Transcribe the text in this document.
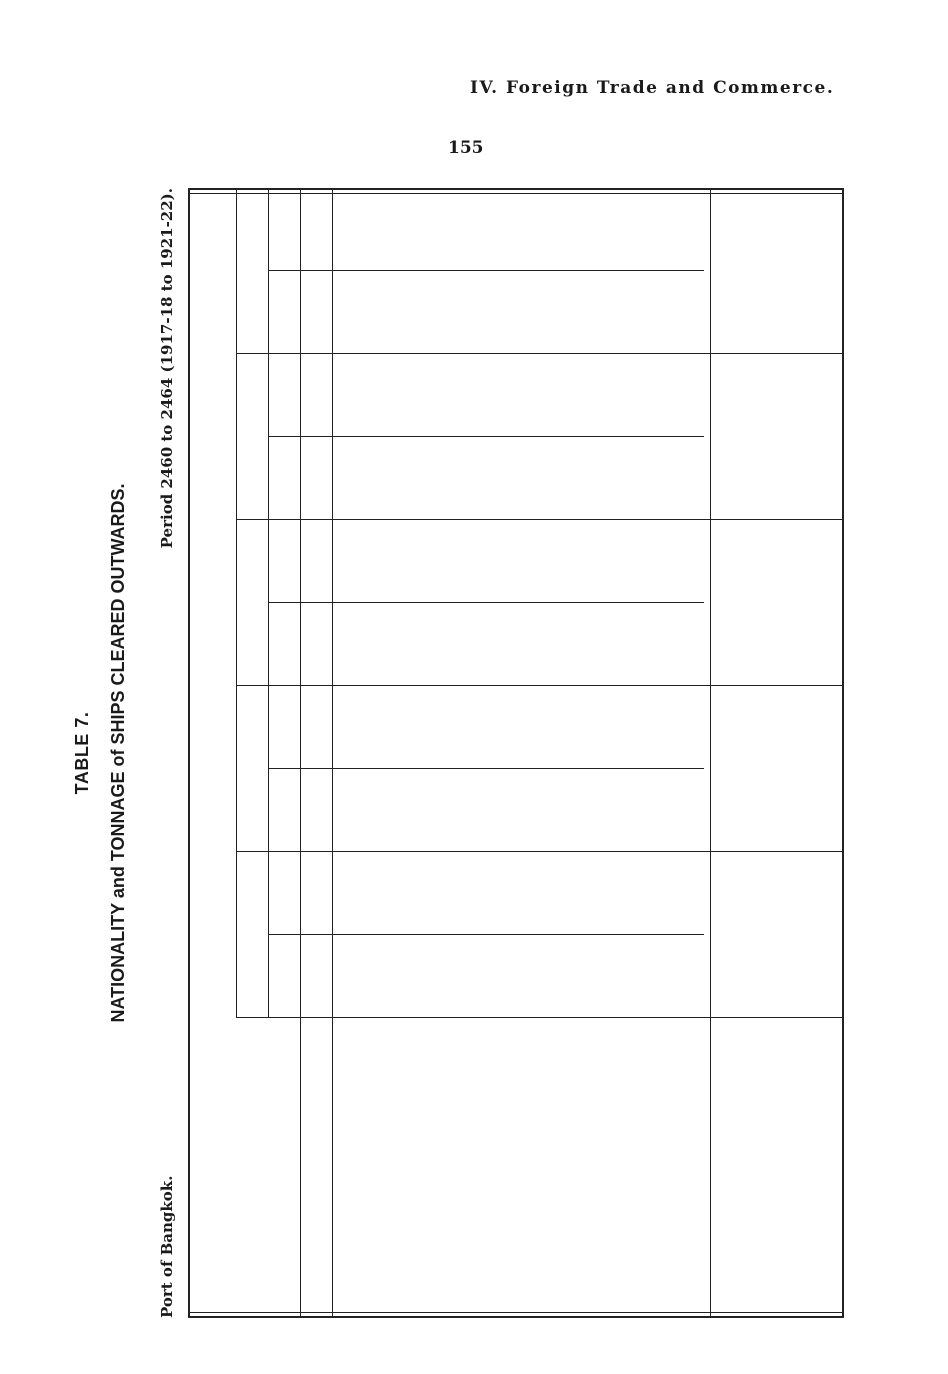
IV. Foreign Trade and Commerce.
155
TABLE 7. NATIONALITY and TONNAGE of SHIPS CLEARED OUTWARDS.
Port of Bangkok.
Period 2460 to 2464 (1917-18 to 1921-22).
